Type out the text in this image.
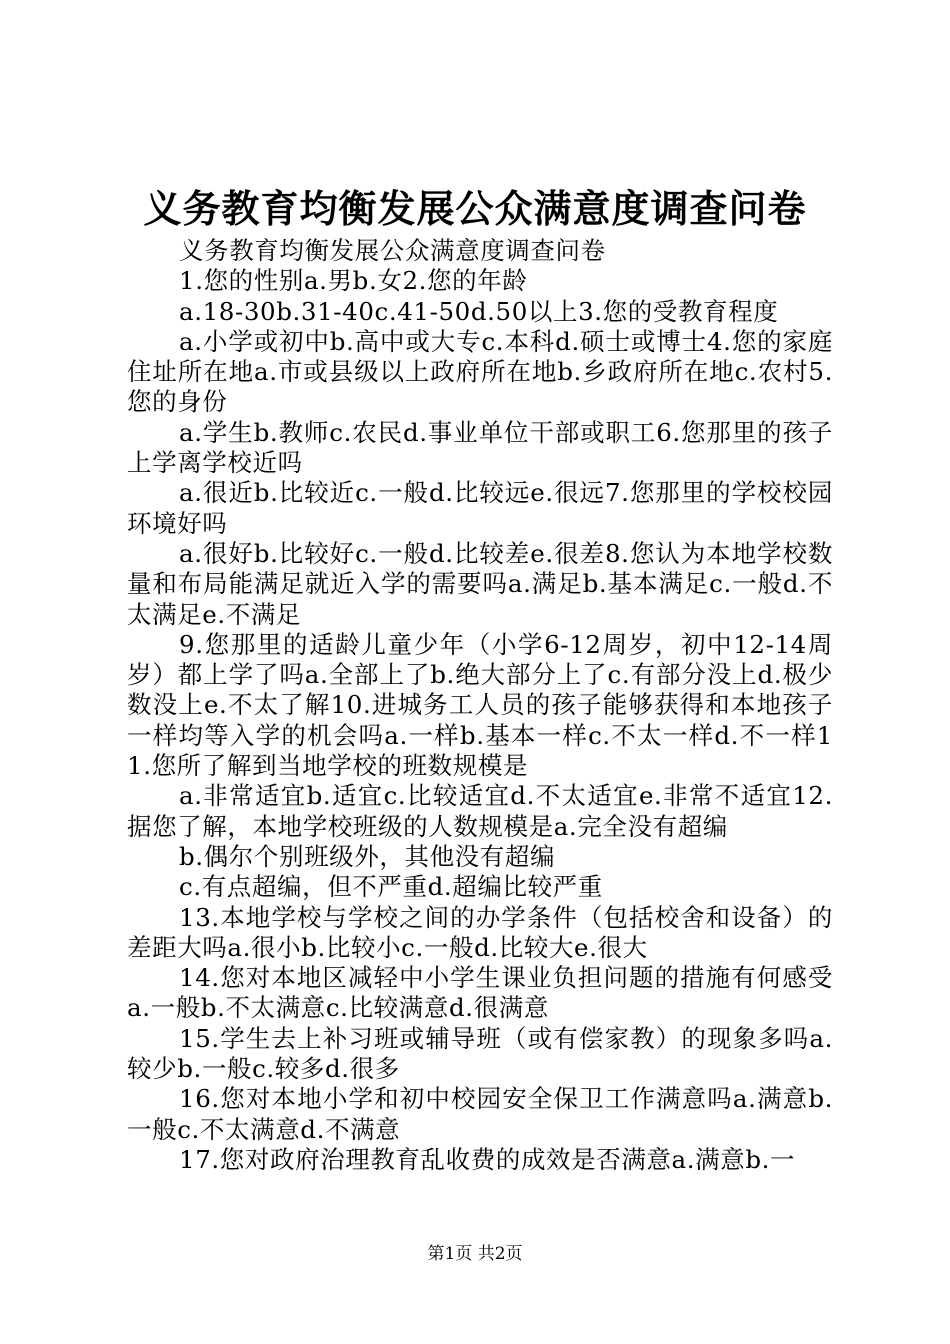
义务教育均衡发展公众满意度调查问卷

义务教育均衡发展公众满意度调查问卷

1.您的性别a.男b.女2.您的年龄

a.18-30b.31-40c.41-50d.50以上3.您的受教育程度

a.小学或初中b.高中或大专c.本科d.硕士或博士4.您的家庭住址所在地a.市或县级以上政府所在地b.乡政府所在地c.农村5.您的身份

a.学生b.教师c.农民d.事业单位干部或职工6.您那里的孩子上学离学校近吗

a.很近b.比较近c.一般d.比较远e.很远7.您那里的学校校园环境好吗

a.很好b.比较好c.一般d.比较差e.很差8.您认为本地学校数量和布局能满足就近入学的需要吗a.满足b.基本满足c.一般d.不太满足e.不满足

9.您那里的适龄儿童少年（小学6-12周岁，初中12-14周岁）都上学了吗a.全部上了b.绝大部分上了c.有部分没上d.极少数没上e.不太了解10.进城务工人员的孩子能够获得和本地孩子一样均等入学的机会吗a.一样b.基本一样c.不太一样d.不一样11.您所了解到当地学校的班数规模是

a.非常适宜b.适宜c.比较适宜d.不太适宜e.非常不适宜12.据您了解，本地学校班级的人数规模是a.完全没有超编

b.偶尔个别班级外，其他没有超编

c.有点超编，但不严重d.超编比较严重

13.本地学校与学校之间的办学条件（包括校舍和设备）的差距大吗a.很小b.比较小c.一般d.比较大e.很大

14.您对本地区减轻中小学生课业负担问题的措施有何感受a.一般b.不太满意c.比较满意d.很满意

15.学生去上补习班或辅导班（或有偿家教）的现象多吗a.较少b.一般c.较多d.很多

16.您对本地小学和初中校园安全保卫工作满意吗a.满意b.一般c.不太满意d.不满意

17.您对政府治理教育乱收费的成效是否满意a.满意b.一

第1页 共2页
